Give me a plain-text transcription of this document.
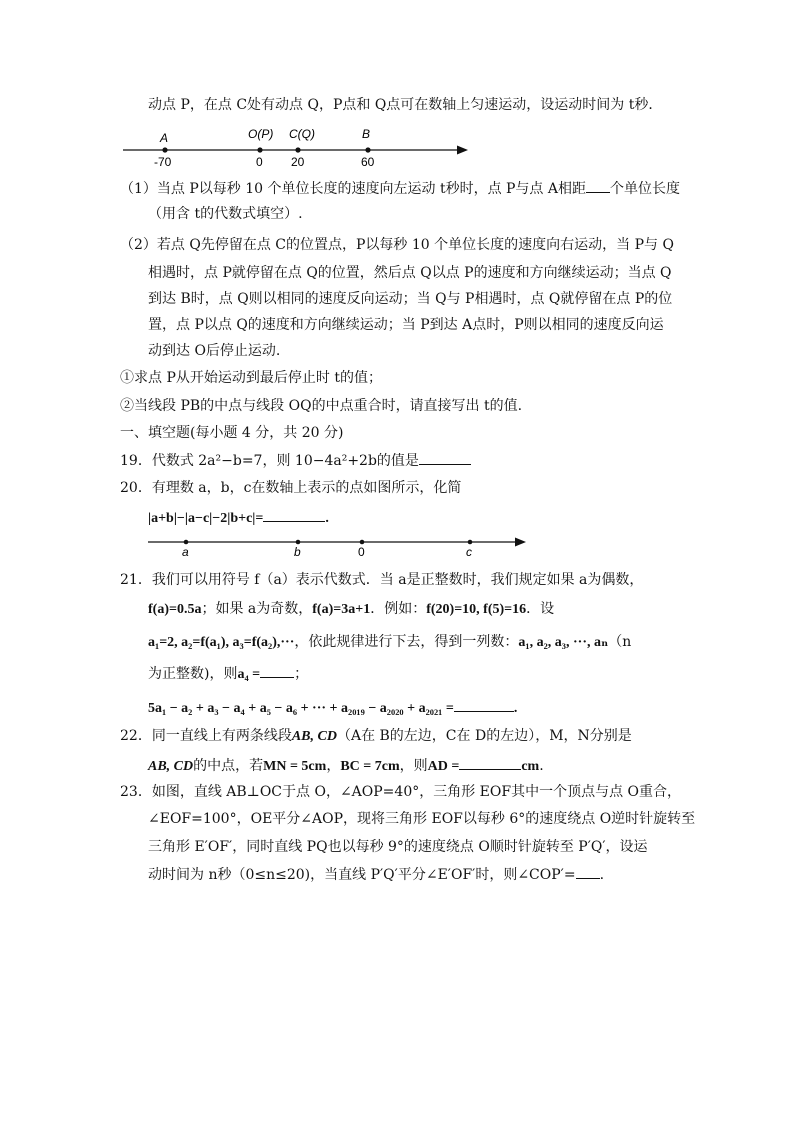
动点 P，在点 C处有动点 Q，P点和 Q点可在数轴上匀速运动，设运动时间为 t秒．
A	O(P) C(Q)	B
-70	0 20	60
（1）当点 P以每秒 10 个单位长度的速度向左运动 t秒时，点 P与点 A相距 个单位长度
（用含 t的代数式填空）.
（2）若点 Q先停留在点 C的位置点，P以每秒 10 个单位长度的速度向右运动，当 P与 Q
相遇时，点 P就停留在点 Q的位置，然后点 Q以点 P的速度和方向继续运动；当点 Q
到达 B时，点 Q则以相同的速度反向运动；当 Q与 P相遇时，点 Q就停留在点 P的位
置，点 P以点 Q的速度和方向继续运动；当 P到达 A点时，P则以相同的速度反向运
动到达 O后停止运动.
①求点 P从开始运动到最后停止时 t的值；
②当线段 PB的中点与线段 OQ的中点重合时，请直接写出 t的值.
一、填空题(每小题 4 分，共 20 分)
19．代数式 2a²−b=7，则 10−4a²+2b的值是
20．有理数 a，b，c在数轴上表示的点如图所示，化简
|a+b|−|a−c|−2|b+c|=	.
a	b	0	c
21．我们可以用符号 f（a）表示代数式．当 a是正整数时，我们规定如果 a为偶数，
f(a)=0.5a；如果 a为奇数，f(a)=3a+1．例如：f(20)=10, f(5)=16．设
a₁=2, a₂=f(a₁), a₃=f(a₂),···，依此规律进行下去，得到一列数：a₁, a₂, a₃, ···, aₙ（n
为正整数)，则a₄ = ；
5a₁ − a₂ + a₃ − a₄ + a₅ − a₆ + ··· + a₂₀₁₉ − a₂₀₂₀ + a₂₀₂₁ =	.
22．同一直线上有两条线段AB, CD（A在 B的左边，C在 D的左边），M，N分别是
AB, CD的中点，若MN = 5cm，BC = 7cm，则AD =	cm.
23．如图，直线 AB⊥OC于点 O，∠AOP=40°，三角形 EOF其中一个顶点与点 O重合，
∠EOF=100°，OE平分∠AOP，现将三角形 EOF以每秒 6°的速度绕点 O逆时针旋转至
三角形 E′OF′，同时直线 PQ也以每秒 9°的速度绕点 O顺时针旋转至 P′Q′，设运
动时间为 n秒（0≤n≤20)，当直线 P′Q′平分∠E′OF′时，则∠COP′= .
